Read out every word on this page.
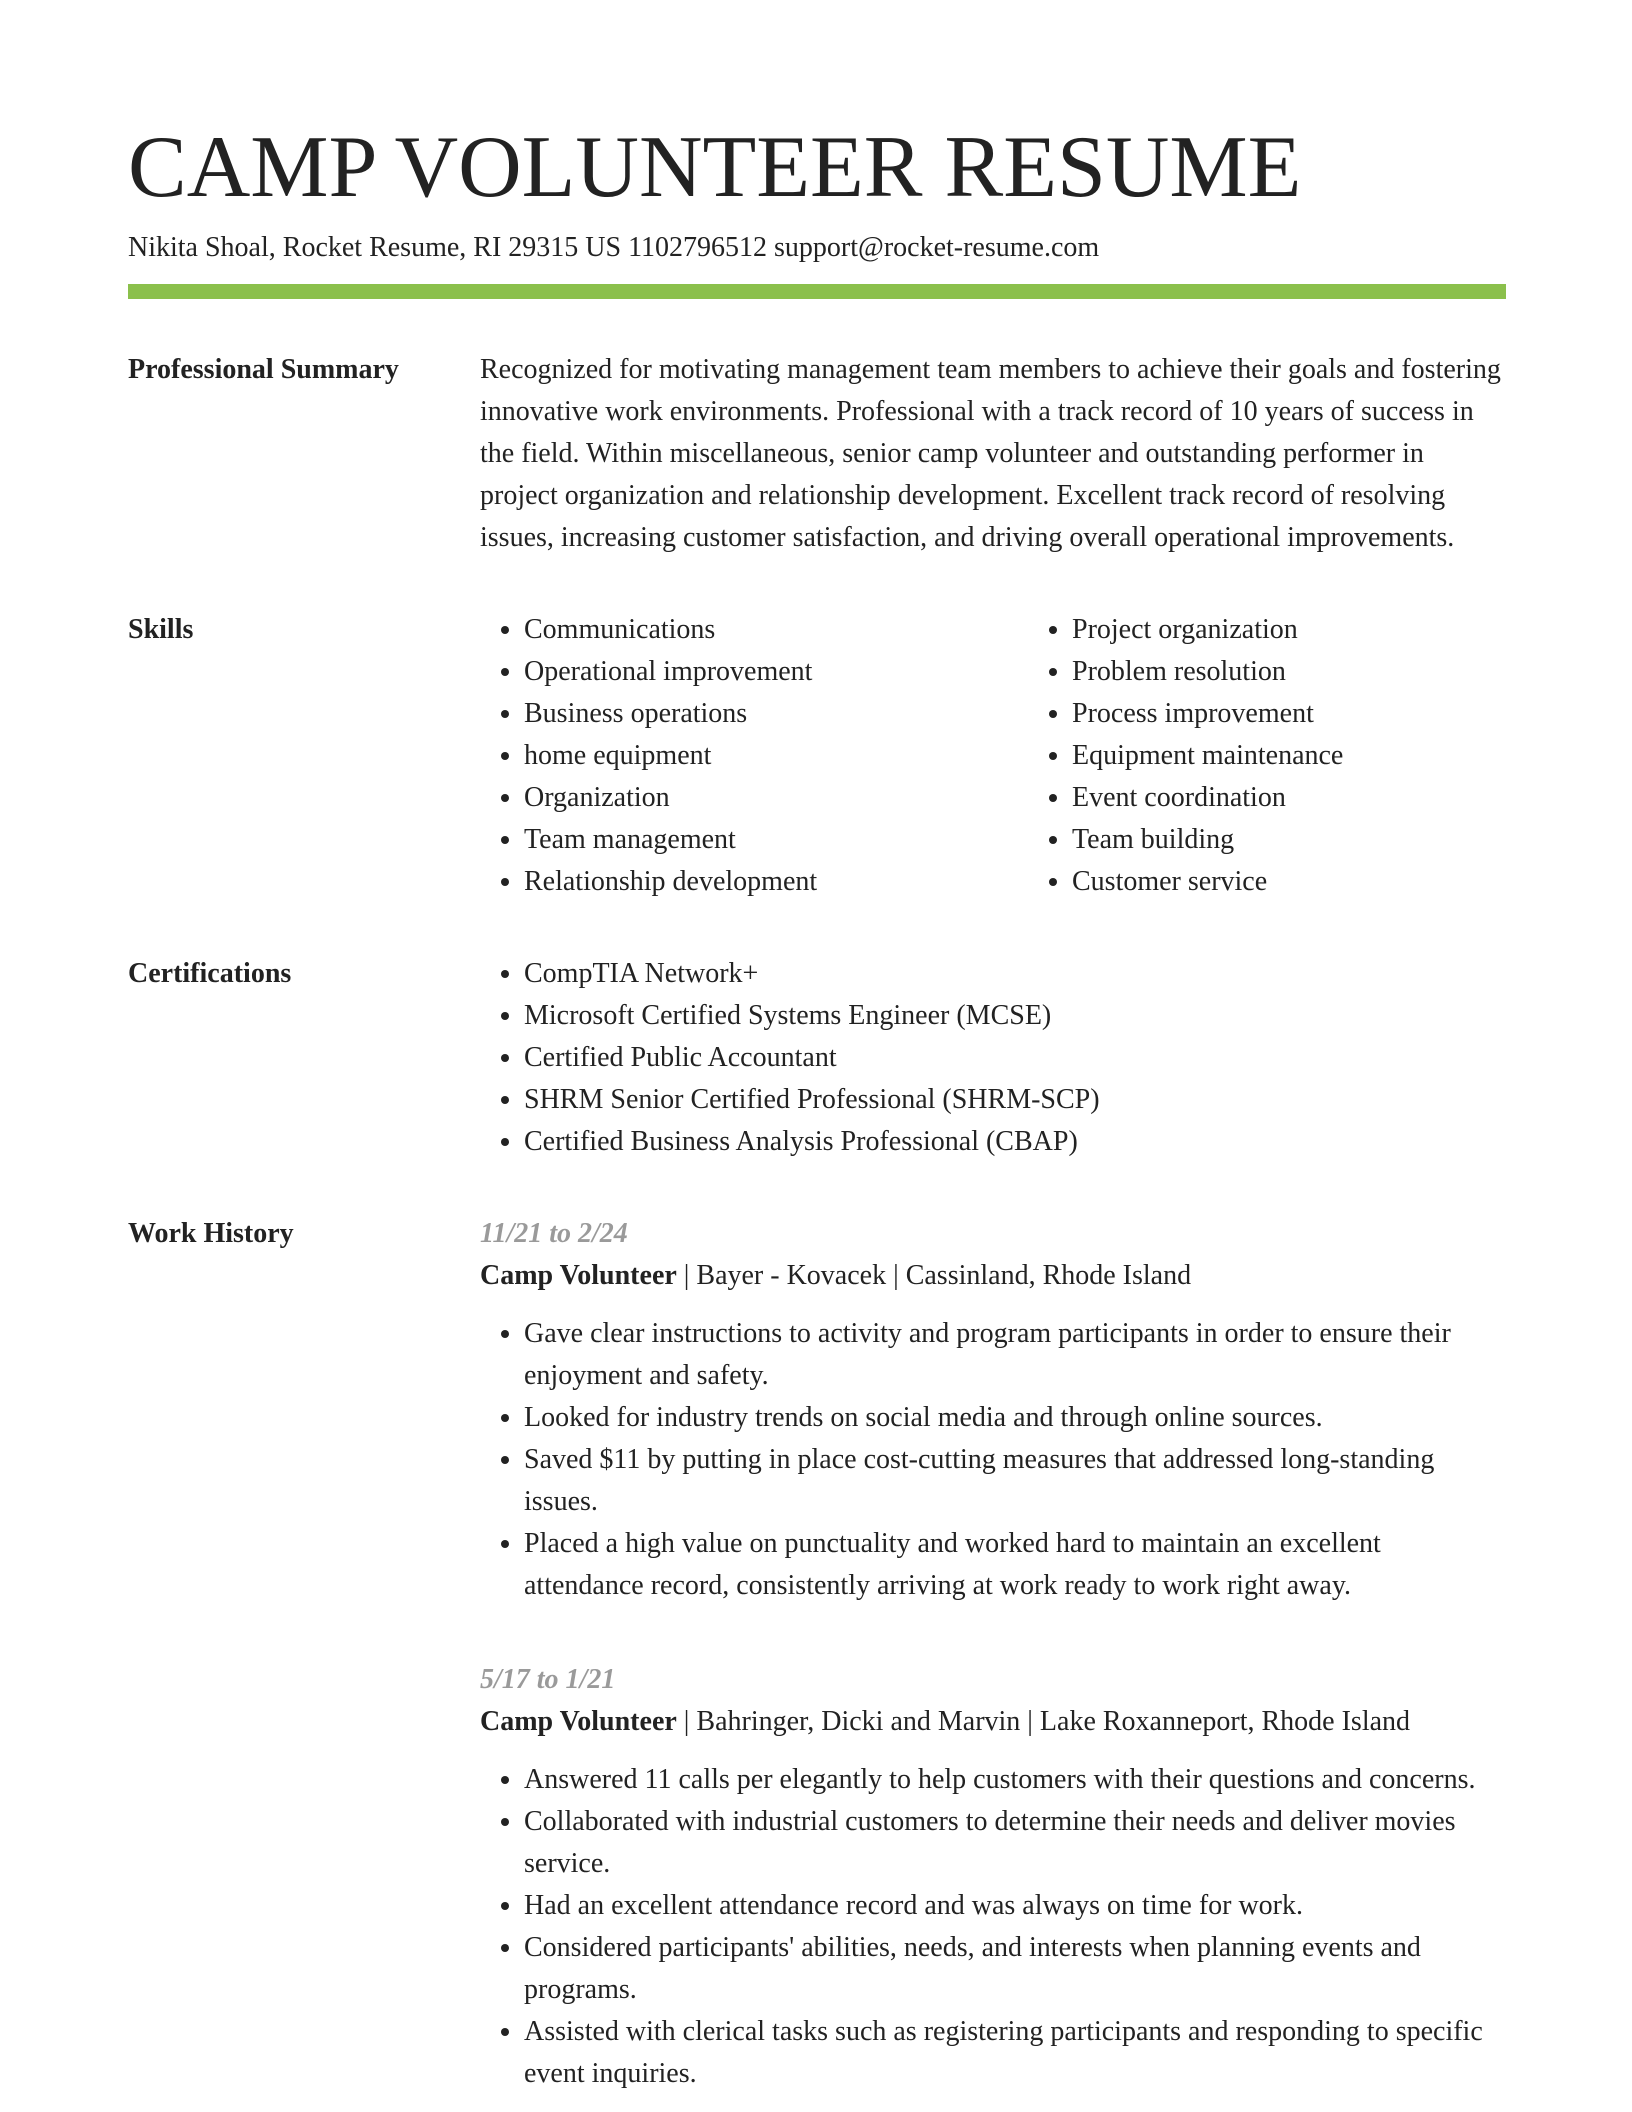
CAMP VOLUNTEER RESUME
Nikita Shoal, Rocket Resume, RI 29315 US 1102796512 support@rocket-resume.com
Professional Summary	Recognized for motivating management team members to achieve their goals and fostering innovative work environments. Professional with a track record of 10 years of success in the field. Within miscellaneous, senior camp volunteer and outstanding performer in project organization and relationship development. Excellent track record of resolving issues, increasing customer satisfaction, and driving overall operational improvements.

Skills	• Communications
• Operational improvement
• Business operations
• home equipment
• Organization
• Team management
• Relationship development
• Project organization
• Problem resolution
• Process improvement
• Equipment maintenance
• Event coordination
• Team building
• Customer service
Certifications	• CompTIA Network+
• Microsoft Certified Systems Engineer (MCSE)
• Certified Public Accountant
• SHRM Senior Certified Professional (SHRM-SCP)
• Certified Business Analysis Professional (CBAP)
Work History	11/21 to 2/24
Camp Volunteer | Bayer - Kovacek | Cassinland, Rhode Island
• Gave clear instructions to activity and program participants in order to ensure their enjoyment and safety.
• Looked for industry trends on social media and through online sources.
• Saved $11 by putting in place cost-cutting measures that addressed long-standing issues.
• Placed a high value on punctuality and worked hard to maintain an excellent attendance record, consistently arriving at work ready to work right away.
5/17 to 1/21
Camp Volunteer | Bahringer, Dicki and Marvin | Lake Roxanneport, Rhode Island
• Answered 11 calls per elegantly to help customers with their questions and concerns.
• Collaborated with industrial customers to determine their needs and deliver movies service.
• Had an excellent attendance record and was always on time for work.
• Considered participants' abilities, needs, and interests when planning events and programs.
• Assisted with clerical tasks such as registering participants and responding to specific event inquiries.
